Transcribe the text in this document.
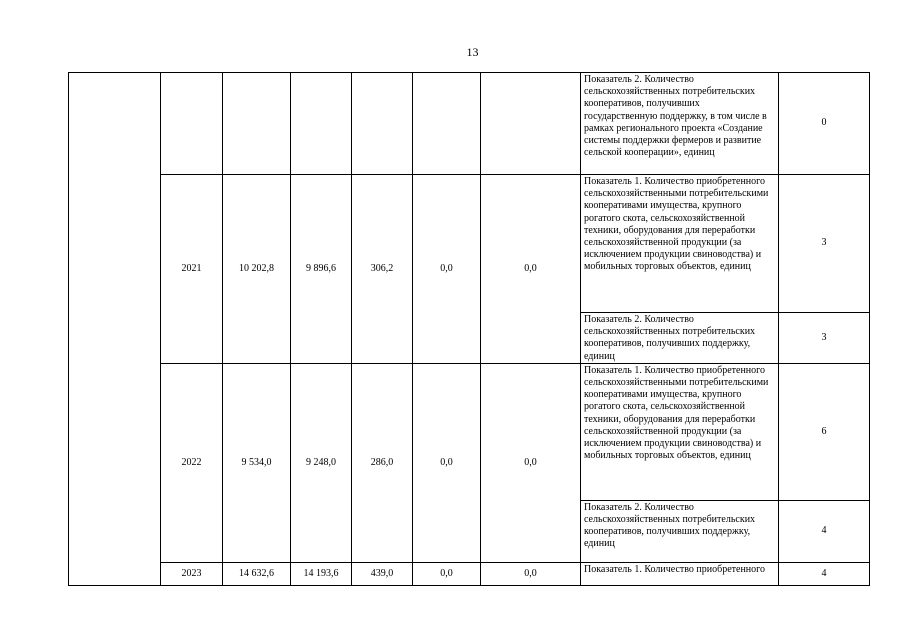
13
							Показатель 2. Количество сельскохозяйственных потребительских кооперативов, получивших государственную поддержку, в том числе в рамках регионального проекта «Создание системы поддержки фермеров и развитие сельской кооперации», единиц	0
	2021	10 202,8	9 896,6	306,2	0,0	0,0	Показатель 1. Количество приобретенного сельскохозяйственными потребительскими кооперативами имущества, крупного рогатого скота, сельскохозяйственной техники, оборудования для переработки сельскохозяйственной продукции (за исключением продукции свиноводства) и мобильных торговых объектов, единиц	3
							Показатель 2. Количество сельскохозяйственных потребительских кооперативов, получивших поддержку, единиц	3
	2022	9 534,0	9 248,0	286,0	0,0	0,0	Показатель 1. Количество приобретенного сельскохозяйственными потребительскими кооперативами имущества, крупного рогатого скота, сельскохозяйственной техники, оборудования для переработки сельскохозяйственной продукции (за исключением продукции свиноводства) и мобильных торговых объектов, единиц	6
							Показатель 2. Количество сельскохозяйственных потребительских кооперативов, получивших поддержку, единиц	4
	2023	14 632,6	14 193,6	439,0	0,0	0,0	Показатель 1. Количество приобретенного	4
